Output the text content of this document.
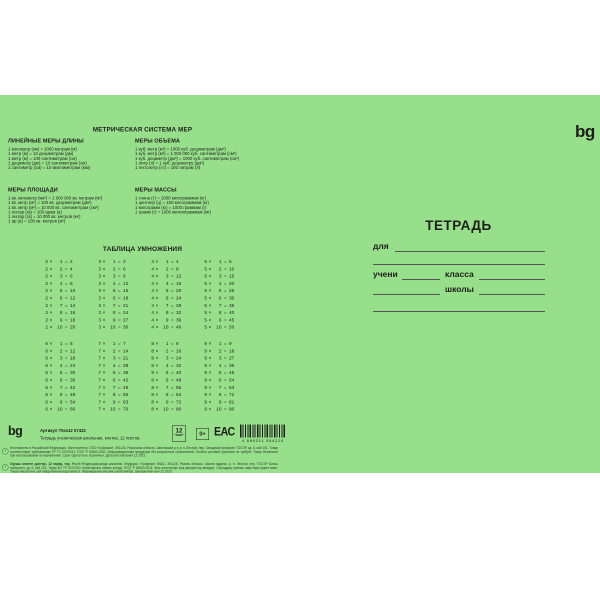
bg
МЕТРИЧЕСКАЯ СИСТЕМА МЕР
ЛИНЕЙНЫЕ МЕРЫ ДЛИНЫ
1 километр (км) = 1000 метрам (м)
1 метр (м) = 10 дециметрам (дм)
1 метр (м) = 100 сантиметрам (см)
1 дециметр (дм) = 10 сантиметрам (см)
1 сантиметр (см) = 10 миллиметрам (мм)
МЕРЫ ОБЪЕМА
1 куб. метр (м³) = 1000 куб. дециметрам (дм³)
1 куб. метр (м³) = 1 000 000 куб. сантиметрам (см³)
1 куб. дециметр (дм³) = 1000 куб. сантиметрам (см³)
1 литр (л) = 1 куб. дециметру (дм³)
1 гектолитр (гл) = 100 литрам (л)
МЕРЫ ПЛОЩАДИ
1 кв. километр (км²) = 1 000 000 кв. метрам (м²)
1 кв. метр (м²) = 100 кв. дециметрам (дм²)
1 кв. метр (м²) = 10 000 кв. сантиметрам (см²)
1 гектар (га) = 100 арам (а)
1 гектар (га) = 10 000 кв. метров (м²)
1 ар (а) = 100 кв. метров (м²)
МЕРЫ МАССЫ
1 тонна (т) = 1000 килограммам (кг)
1 центнер (ц) = 100 килограммам (кг)
1 килограмм (кг) = 1000 граммам (г)
1 грамм (г) = 1000 миллиграммам (мг)
ТАБЛИЦА УМНОЖЕНИЯ
2 × 1 = 2
2 × 2 = 4
2 × 3 = 6
2 × 4 = 8
2 × 5 = 10
2 × 6 = 12
2 × 7 = 14
2 × 8 = 16
2 × 9 = 18
2 × 10 = 20
3 × 1 = 3
3 × 2 = 6
3 × 3 = 9
3 × 4 = 12
3 × 5 = 15
3 × 6 = 18
3 × 7 = 21
3 × 8 = 24
3 × 9 = 27
3 × 10 = 30
4 × 1 = 4
4 × 2 = 8
4 × 3 = 12
4 × 4 = 16
4 × 5 = 20
4 × 6 = 24
4 × 7 = 28
4 × 8 = 32
4 × 9 = 36
4 × 10 = 40
5 × 1 = 5
5 × 2 = 10
5 × 3 = 15
5 × 4 = 20
5 × 5 = 25
5 × 6 = 30
5 × 7 = 35
5 × 8 = 40
5 × 9 = 45
5 × 10 = 50
6 × 1 = 6
6 × 2 = 12
6 × 3 = 18
6 × 4 = 24
6 × 5 = 30
6 × 6 = 36
6 × 7 = 42
6 × 8 = 48
6 × 9 = 54
6 × 10 = 60
7 × 1 = 7
7 × 2 = 14
7 × 3 = 21
7 × 4 = 28
7 × 5 = 35
7 × 6 = 42
7 × 7 = 49
7 × 8 = 56
7 × 9 = 63
7 × 10 = 70
8 × 1 = 8
8 × 2 = 16
8 × 3 = 24
8 × 4 = 32
8 × 5 = 40
8 × 6 = 48
8 × 7 = 56
8 × 8 = 64
8 × 9 = 72
8 × 10 = 80
9 × 1 = 9
9 × 2 = 18
9 × 3 = 27
9 × 4 = 36
9 × 5 = 45
9 × 6 = 54
9 × 7 = 63
9 × 8 = 72
9 × 9 = 81
9 × 10 = 90
ТЕТРАДЬ
для
учени	класса
школы
bg Артикул Т5ск12 57422
Тетрадь ученическая школьная, клетка, 12 листов.
12	0+ ЕАС
4 680211 554224
✦
Изготовлено в Российской Федерации. Изготовитель: ООО «Графика», 391126, Рязанская область, Шиловский р-н, р.п. Лесной, пер. Западный промузел ТОСЭР, зд. 6, каб 101. Товар соответствует требованиям ТР ТС 007/2011, ГОСТ Р 54540-2011. Информационная продукция без возрастных ограничений. Особых условий хранения не требует. Товар безопасен при использовании по назначению. Срок годности не ограничен. Дата изготовления 12.2023.
✦
Оқушы мектеп дәптері, 12 парақ, тор. Ресей Федерациясында жасалған. Өндіруші: «Графика» ЖШС, 391126, Рязань облысы, Шилов ауданы, р. п. Лесной, пер. ТОСЭР Батыс промузелі, зд. 6, каб 101. Тауар КО ТР 007/2011 талаптарына сәйкес келеді. ГОСТ Р 54540-2011. Жас шектеулері жоқ ақпараттық өнімдер. Сақтаудың ерекше шарттары қажет емес. Тауар мақсатына сай пайдаланылғанда қауіпсіз. Жарамдылық мерзімі шектелмейді. Шығарылған күні 12.2023.
